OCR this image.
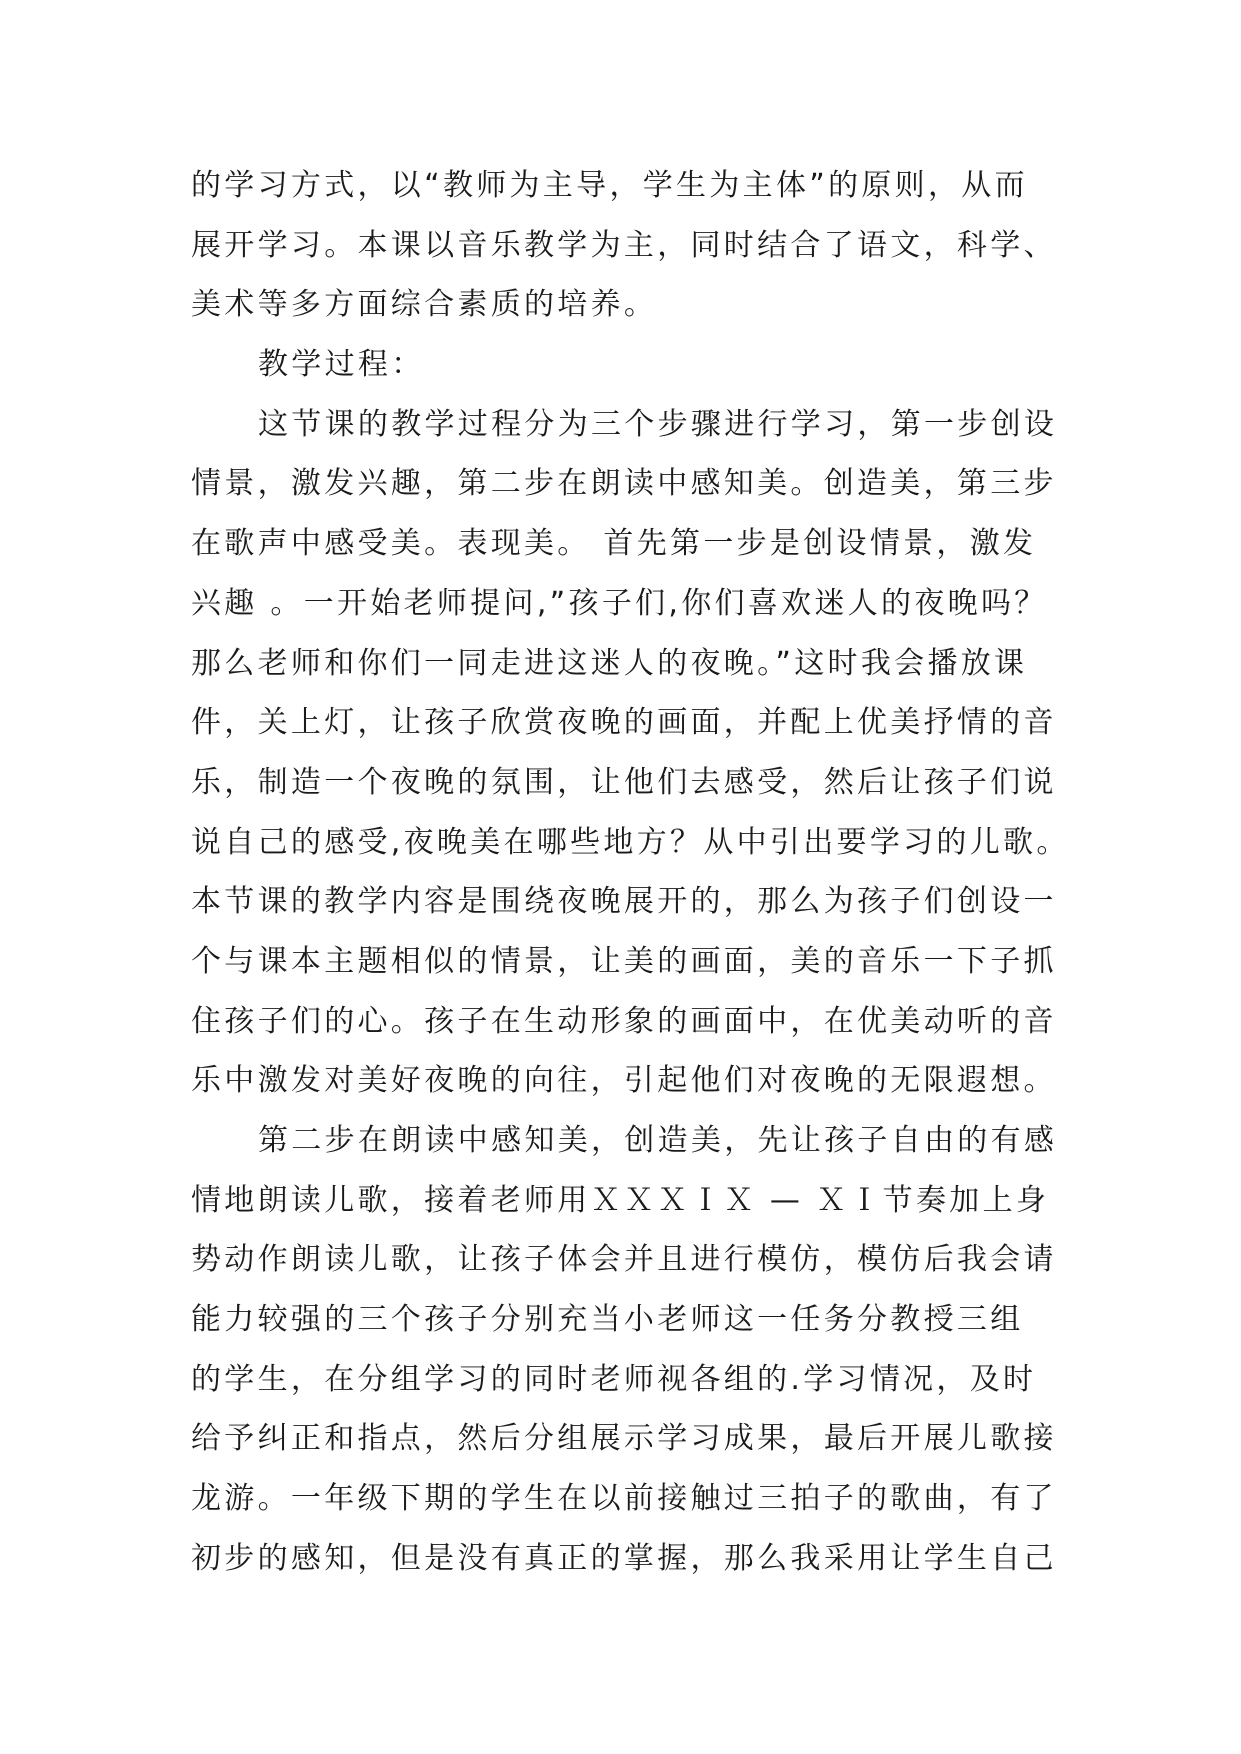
的学习方式，以“教师为主导，学生为主体”的原则，从而
展开学习。本课以音乐教学为主，同时结合了语文，科学、
美术等多方面综合素质的培养。
教学过程：
这节课的教学过程分为三个步骤进行学习，第一步创设
情景，激发兴趣，第二步在朗读中感知美。创造美，第三步
在歌声中感受美。表现美。 首先第一步是创设情景，激发
兴趣 。一开始老师提问,”孩子们,你们喜欢迷人的夜晚吗？
那么老师和你们一同走进这迷人的夜晚。”这时我会播放课
件，关上灯，让孩子欣赏夜晚的画面，并配上优美抒情的音
乐，制造一个夜晚的氛围，让他们去感受，然后让孩子们说
说自己的感受,夜晚美在哪些地方？从中引出要学习的儿歌。
本节课的教学内容是围绕夜晚展开的，那么为孩子们创设一
个与课本主题相似的情景，让美的画面，美的音乐一下子抓
住孩子们的心。孩子在生动形象的画面中，在优美动听的音
乐中激发对美好夜晚的向往，引起他们对夜晚的无限遐想。
第二步在朗读中感知美，创造美，先让孩子自由的有感
情地朗读儿歌，接着老师用ＸＸＸＩＸ — ＸＩ节奏加上身
势动作朗读儿歌，让孩子体会并且进行模仿，模仿后我会请
能力较强的三个孩子分别充当小老师这一任务分教授三组
的学生，在分组学习的同时老师视各组的.学习情况，及时
给予纠正和指点，然后分组展示学习成果，最后开展儿歌接
龙游。一年级下期的学生在以前接触过三拍子的歌曲，有了
初步的感知，但是没有真正的掌握，那么我采用让学生自己
